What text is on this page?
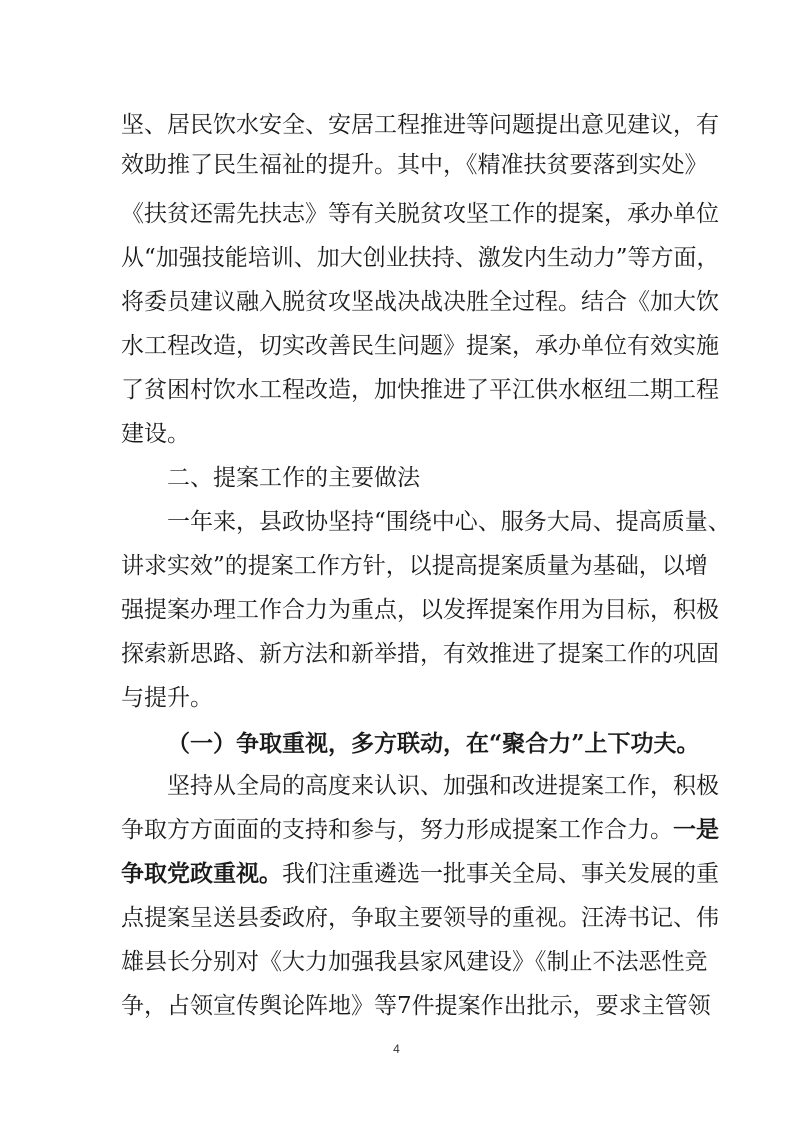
坚、居民饮水安全、安居工程推进等问题提出意见建议，有
效助推了民生福祉的提升。其中，《精准扶贫要落到实处》
《扶贫还需先扶志》等有关脱贫攻坚工作的提案，承办单位
从“加强技能培训、加大创业扶持、激发内生动力”等方面，
将委员建议融入脱贫攻坚战决战决胜全过程。结合《加大饮
水工程改造，切实改善民生问题》提案，承办单位有效实施
了贫困村饮水工程改造，加快推进了平江供水枢纽二期工程
建设。
二、提案工作的主要做法
一年来，县政协坚持“围绕中心、服务大局、提高质量、
讲求实效”的提案工作方针，以提高提案质量为基础，以增
强提案办理工作合力为重点，以发挥提案作用为目标，积极
探索新思路、新方法和新举措，有效推进了提案工作的巩固
与提升。
（一）争取重视，多方联动，在“聚合力”上下功夫。
坚持从全局的高度来认识、加强和改进提案工作，积极
争取方方面面的支持和参与，努力形成提案工作合力。一是
争取党政重视。我们注重遴选一批事关全局、事关发展的重
点提案呈送县委政府，争取主要领导的重视。汪涛书记、伟
雄县长分别对《大力加强我县家风建设》《制止不法恶性竞
争，占领宣传舆论阵地》等7件提案作出批示，要求主管领
4
